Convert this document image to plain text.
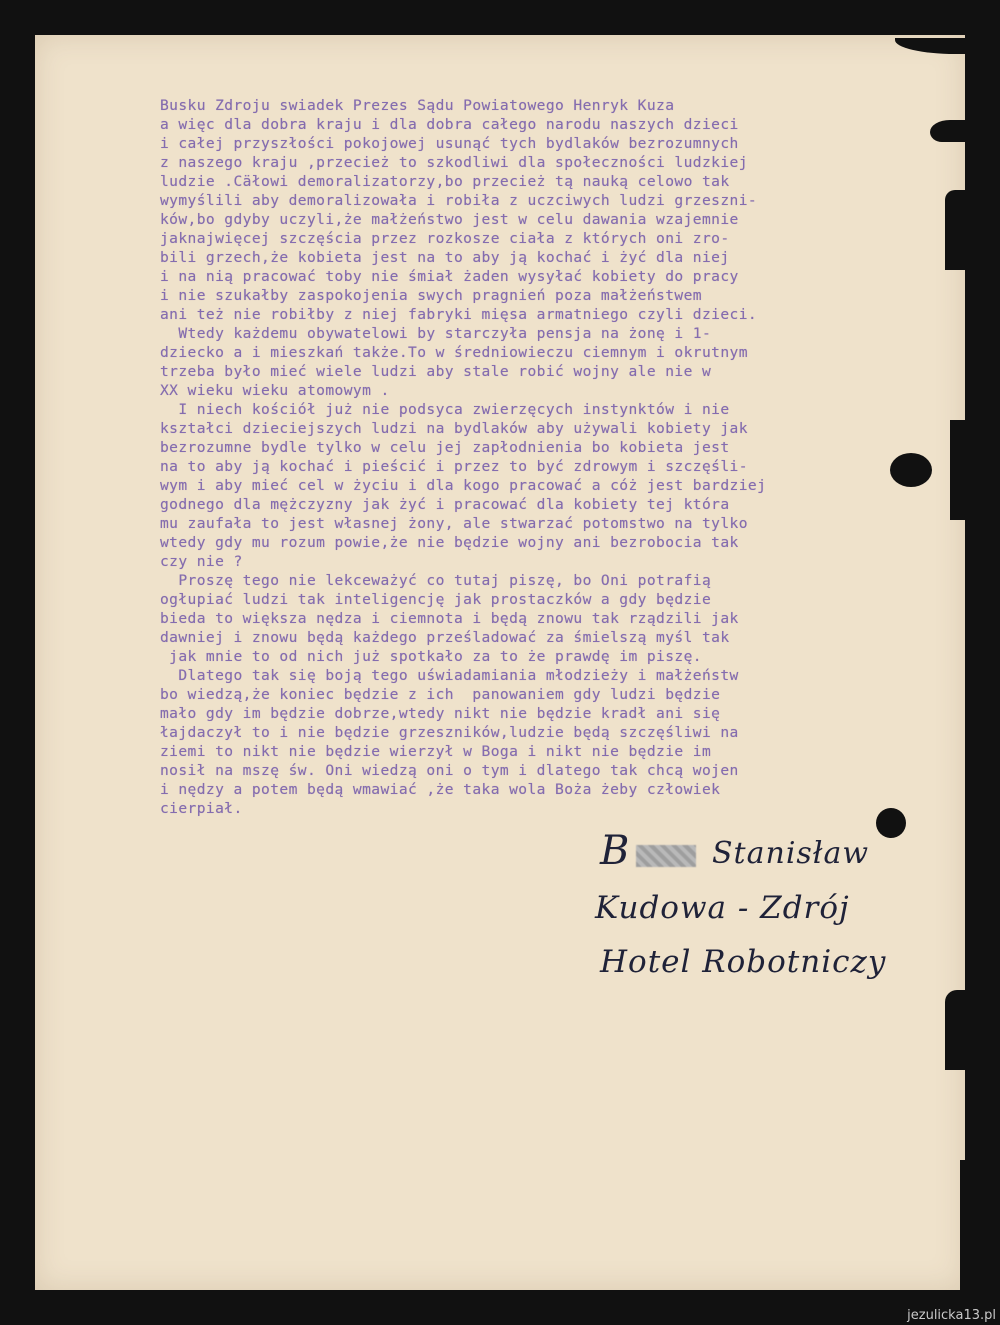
Busku Zdroju swiadek Prezes Sądu Powiatowego Henryk Kuza
a więc dla dobra kraju i dla dobra całego narodu naszych dzieci
i całej przyszłości pokojowej usunąć tych bydlaków bezrozumnych
z naszego kraju ,przecież to szkodliwi dla społeczności ludzkiej
ludzie .Cäłowi demoralizatorzy,bo przecież tą nauką celowo tak
wymyślili aby demoralizowała i robiła z uczciwych ludzi grzeszni-
ków,bo gdyby uczyli,że małżeństwo jest w celu dawania wzajemnie
jaknajwięcej szczęścia przez rozkosze ciała z których oni zro-
bili grzech,że kobieta jest na to aby ją kochać i żyć dla niej
i na nią pracować toby nie śmiał żaden wysyłać kobiety do pracy
i nie szukałby zaspokojenia swych pragnień poza małżeństwem
ani też nie robiłby z niej fabryki mięsa armatniego czyli dzieci.
Wtedy każdemu obywatelowi by starczyła pensja na żonę i 1-
dziecko a i mieszkań także.To w średniowieczu ciemnym i okrutnym
trzeba było mieć wiele ludzi aby stale robić wojny ale nie w
XX wieku wieku atomowym .
I niech kościół już nie podsyca zwierzęcych instynktów i nie
kształci dzieciejszych ludzi na bydlaków aby używali kobiety jak
bezrozumne bydle tylko w celu jej zapłodnienia bo kobieta jest
na to aby ją kochać i pieścić i przez to być zdrowym i szczęśli-
wym i aby mieć cel w życiu i dla kogo pracować a cóż jest bardziej
godnego dla mężczyzny jak żyć i pracować dla kobiety tej która
mu zaufała to jest własnej żony, ale stwarzać potomstwo na tylko
wtedy gdy mu rozum powie,że nie będzie wojny ani bezrobocia tak
czy nie ?
Proszę tego nie lekceważyć co tutaj piszę, bo Oni potrafią
ogłupiać ludzi tak inteligencję jak prostaczków a gdy będzie
bieda to większa nędza i ciemnota i będą znowu tak rządzili jak
dawniej i znowu będą każdego prześladować za śmielszą myśl tak
jak mnie to od nich już spotkało za to że prawdę im piszę.
Dlatego tak się boją tego uświadamiania młodzieży i małżeństw
bo wiedzą,że koniec będzie z ich  panowaniem gdy ludzi będzie
mało gdy im będzie dobrze,wtedy nikt nie będzie kradł ani się
łajdaczył to i nie będzie grzeszników,ludzie będą szczęśliwi na
ziemi to nikt nie będzie wierzył w Boga i nikt nie będzie im
nosił na mszę św. Oni wiedzą oni o tym i dlatego tak chcą wojen
i nędzy a potem będą wmawiać ,że taka wola Boża żeby człowiek
cierpiał.
B	Stanisław
Kudowa - Zdrój
Hotel Robotniczy
jezulicka13.pl
